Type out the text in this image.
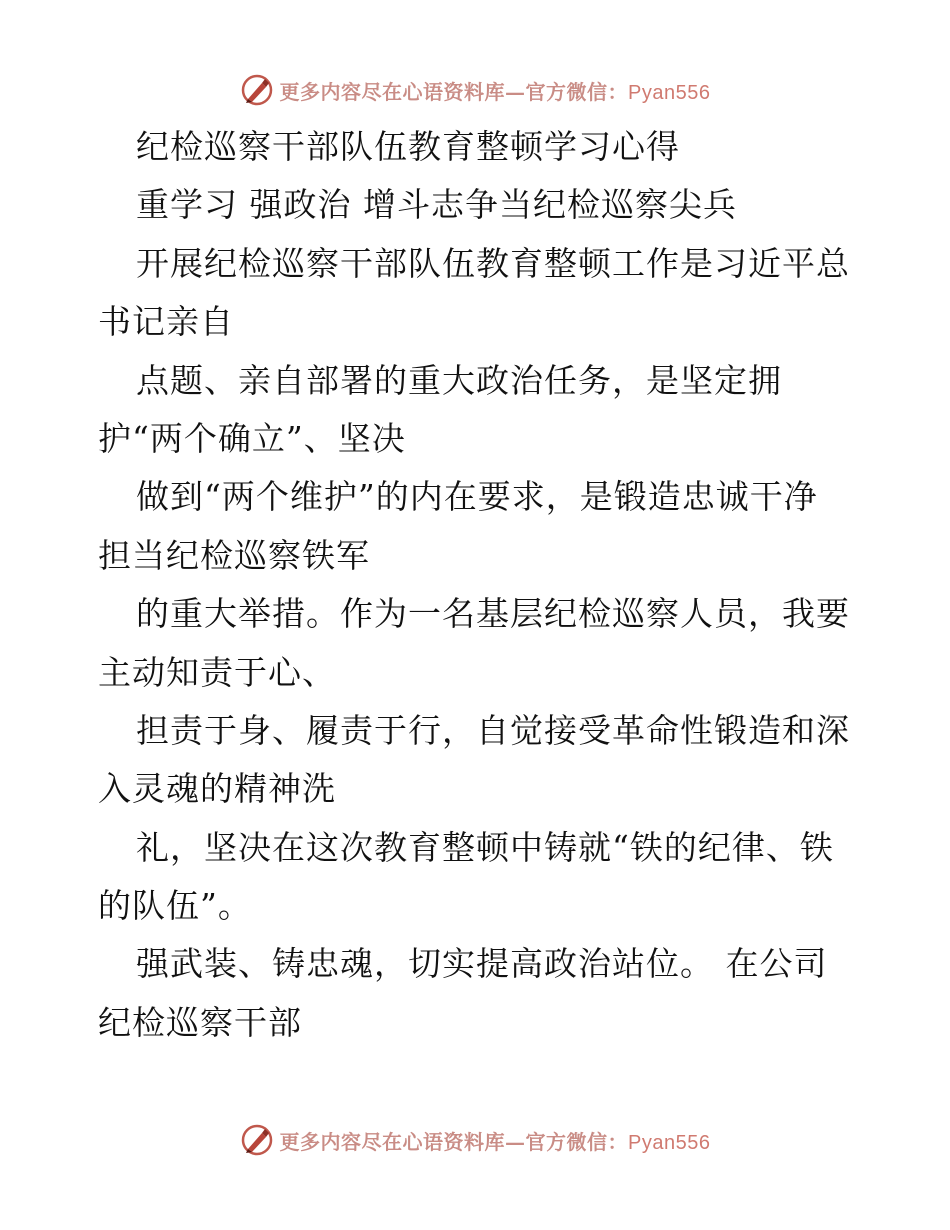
更多内容尽在心语资料库—官方微信：Pyan556
纪检巡察干部队伍教育整顿学习心得
重学习 强政治 增斗志争当纪检巡察尖兵
开展纪检巡察干部队伍教育整顿工作是习近平总
书记亲自
点题、亲自部署的重大政治任务，是坚定拥
护“两个确立”、坚决
做到“两个维护”的内在要求，是锻造忠诚干净
担当纪检巡察铁军
的重大举措。作为一名基层纪检巡察人员，我要
主动知责于心、
担责于身、履责于行，自觉接受革命性锻造和深
入灵魂的精神洗
礼，坚决在这次教育整顿中铸就“铁的纪律、铁
的队伍”。
强武装、铸忠魂，切实提高政治站位。 在公司
纪检巡察干部
更多内容尽在心语资料库—官方微信：Pyan556
